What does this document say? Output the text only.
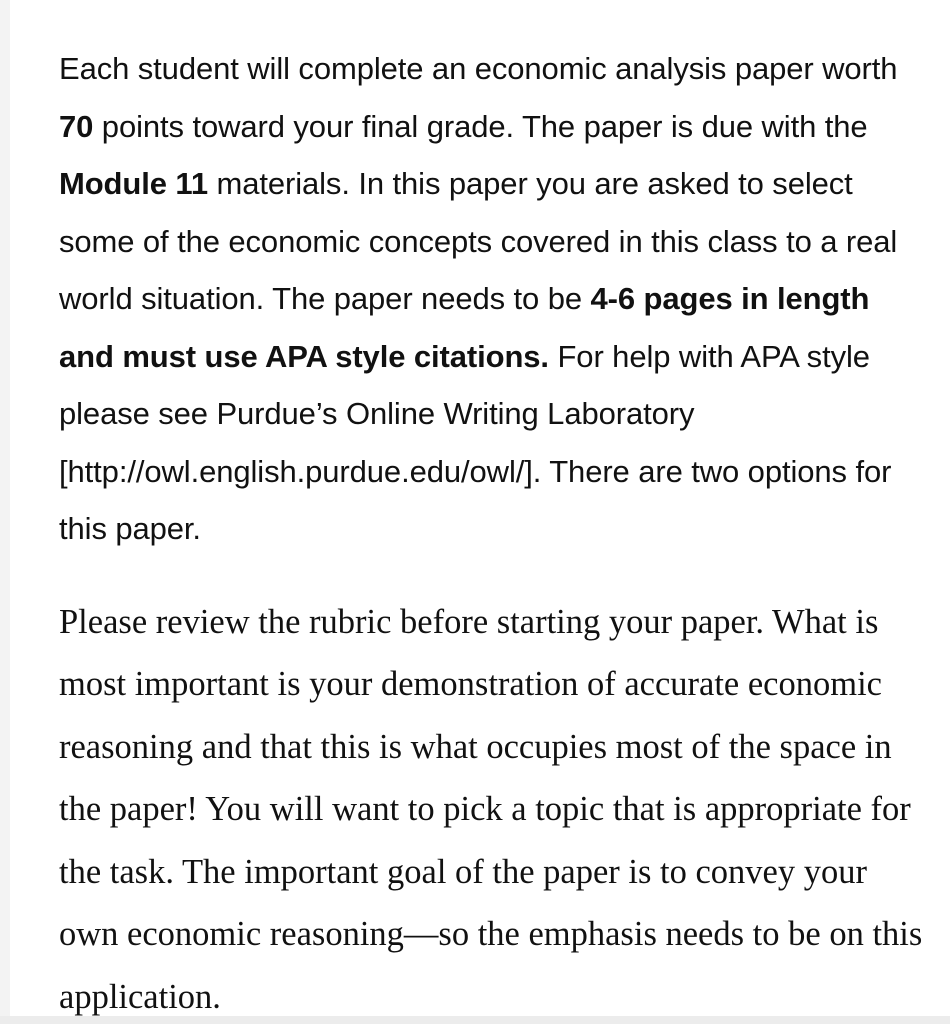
Each student will complete an economic analysis paper worth 70 points toward your final grade. The paper is due with the Module 11 materials. In this paper you are asked to select some of the economic concepts covered in this class to a real world situation. The paper needs to be 4-6 pages in length and must use APA style citations. For help with APA style please see Purdue’s Online Writing Laboratory [http://owl.english.purdue.edu/owl/]. There are two options for this paper.

Please review the rubric before starting your paper. What is most important is your demonstration of accurate economic reasoning and that this is what occupies most of the space in the paper! You will want to pick a topic that is appropriate for the task. The important goal of the paper is to convey your own economic reasoning—so the emphasis needs to be on this application.
